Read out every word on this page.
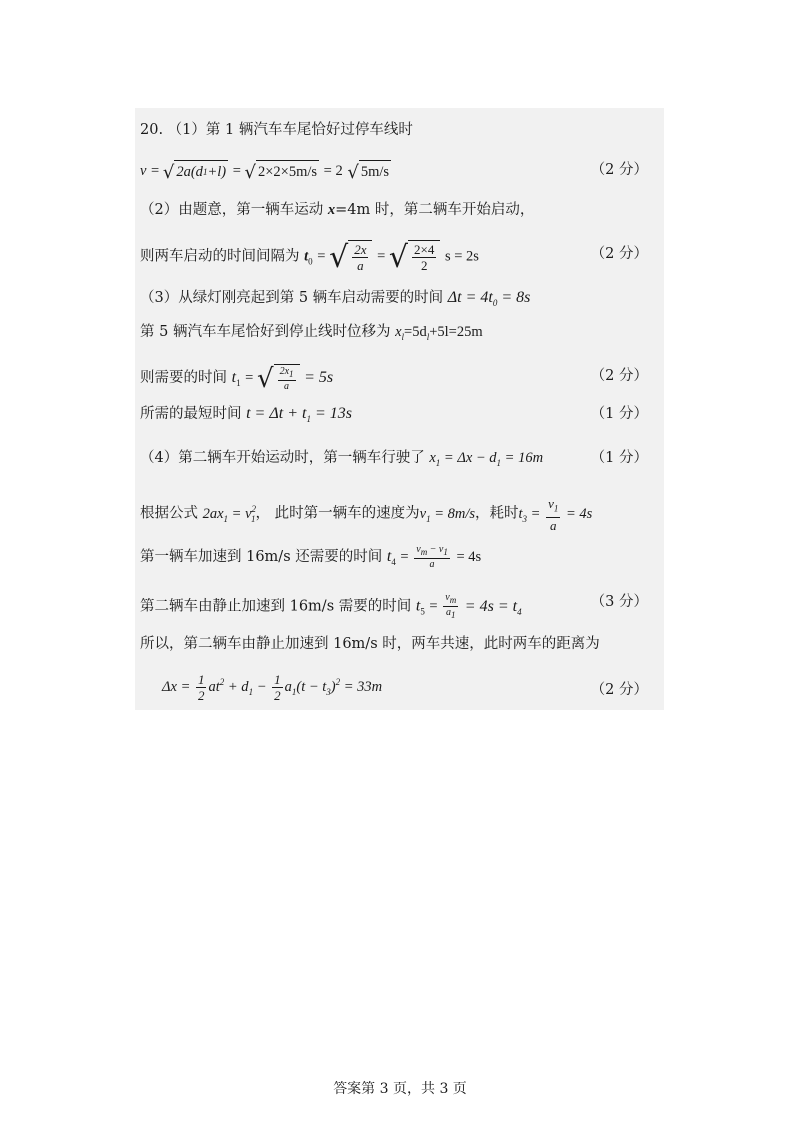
20. （1）第 1 辆汽车车尾恰好过停车线时
v = √ 2a(d 1 +l) = √ 2×2×5m/s = 2 √ 5m/s	（2 分）
（2）由题意，第一辆车运动 x=4m 时，第二辆车开始启动，
则两车启动的时间间隔为 $t_0$ = √ $\frac{2x}{a}$ = √ $\frac{2\times 4}{2}$ s = 2s	（2 分）
（3）从绿灯刚亮起到第 5 辆车启动需要的时间 $\Delta t = 4t_0 = 8s$
第 5 辆汽车车尾恰好到停止线时位移为 $x_l=5d_l+5l=25m$
则需要的时间 $t_1$ = √ $\frac{2x_1}{a} = 5s$	（2 分）
所需的最短时间 $t = \Delta t + t_1 = 13s$	（1 分）
（4）第二辆车开始运动时，第一辆车行驶了 $x_1 = \Delta x - d_1 = 16m$	（1 分）
根据公式 $2ax_1 = v^2_1$， 此时第一辆车的速度为$v_1 = 8m/s$，耗时$t_3 = \frac{v_1}{a} = 4s$
第一辆车加速到 16m/s 还需要的时间 $t_4 = \frac{v_m - v_1}{a} = 4s$
第二辆车由静止加速到 16m/s 需要的时间 $t_5 = \frac{v_m}{a_1} = 4s = t_4$
（3 分）
所以，第二辆车由静止加速到 16m/s 时，两车共速，此时两车的距离为
$\Delta x = \frac{1}{2} at^2 + d_1 - \frac{1}{2} a_1(t - t_3)^2 = 33m$	（2 分）
答案第 3 页，共 3 页
